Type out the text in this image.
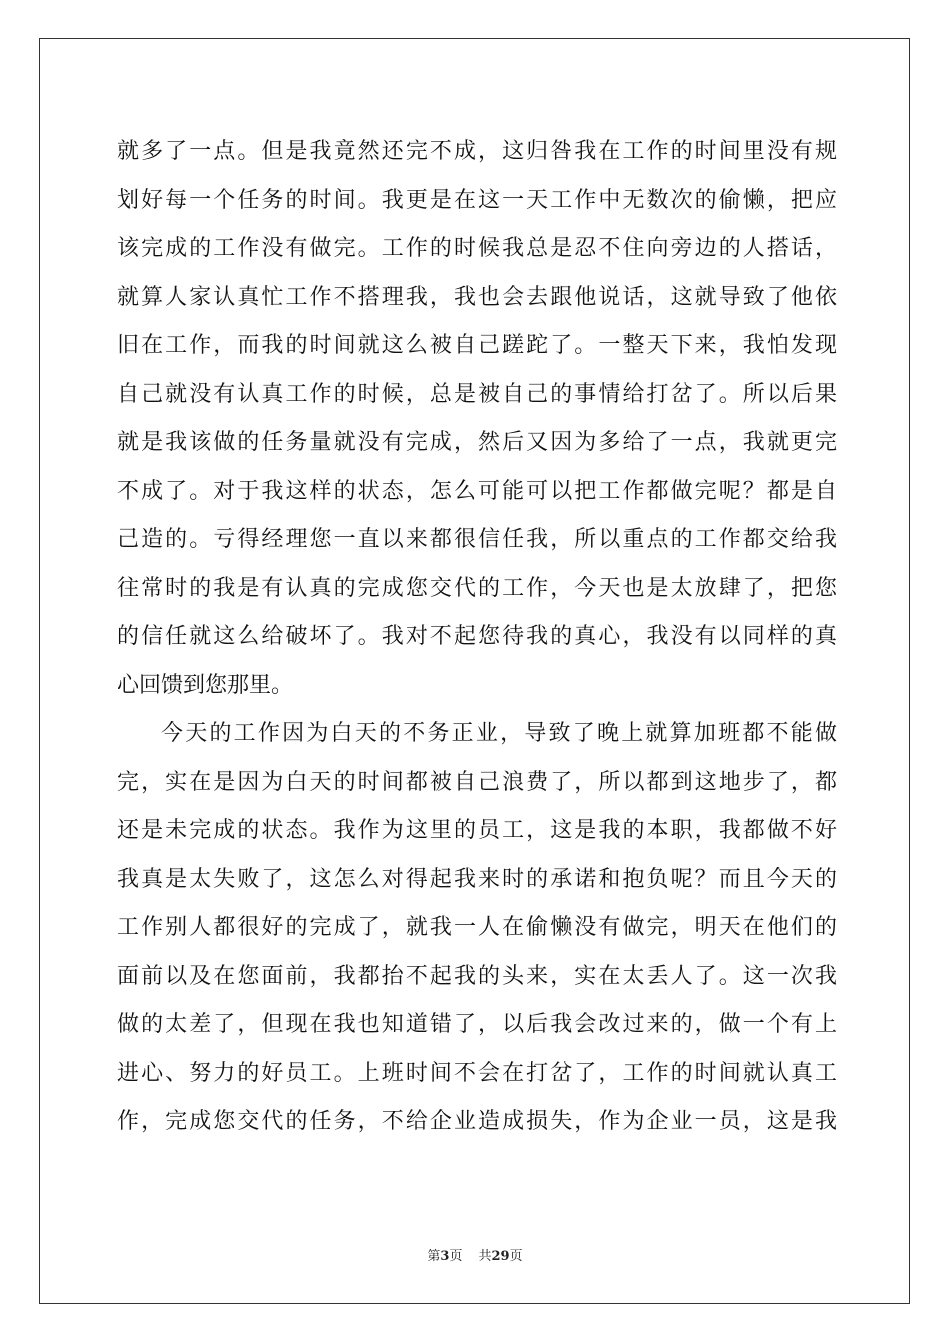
就多了一点。但是我竟然还完不成，这归咎我在工作的时间里没有规
划好每一个任务的时间。我更是在这一天工作中无数次的偷懒，把应
该完成的工作没有做完。工作的时候我总是忍不住向旁边的人搭话，
就算人家认真忙工作不搭理我，我也会去跟他说话，这就导致了他依
旧在工作，而我的时间就这么被自己蹉跎了。一整天下来，我怕发现
自己就没有认真工作的时候，总是被自己的事情给打岔了。所以后果
就是我该做的任务量就没有完成，然后又因为多给了一点，我就更完
不成了。对于我这样的状态，怎么可能可以把工作都做完呢？都是自
己造的。亏得经理您一直以来都很信任我，所以重点的工作都交给我
往常时的我是有认真的完成您交代的工作，今天也是太放肆了，把您
的信任就这么给破坏了。我对不起您待我的真心，我没有以同样的真
心回馈到您那里。
今天的工作因为白天的不务正业，导致了晚上就算加班都不能做
完，实在是因为白天的时间都被自己浪费了，所以都到这地步了，都
还是未完成的状态。我作为这里的员工，这是我的本职，我都做不好
我真是太失败了，这怎么对得起我来时的承诺和抱负呢？而且今天的
工作别人都很好的完成了，就我一人在偷懒没有做完，明天在他们的
面前以及在您面前，我都抬不起我的头来，实在太丢人了。这一次我
做的太差了，但现在我也知道错了，以后我会改过来的，做一个有上
进心、努力的好员工。上班时间不会在打岔了，工作的时间就认真工
作，完成您交代的任务，不给企业造成损失，作为企业一员，这是我
第3页 共29页
